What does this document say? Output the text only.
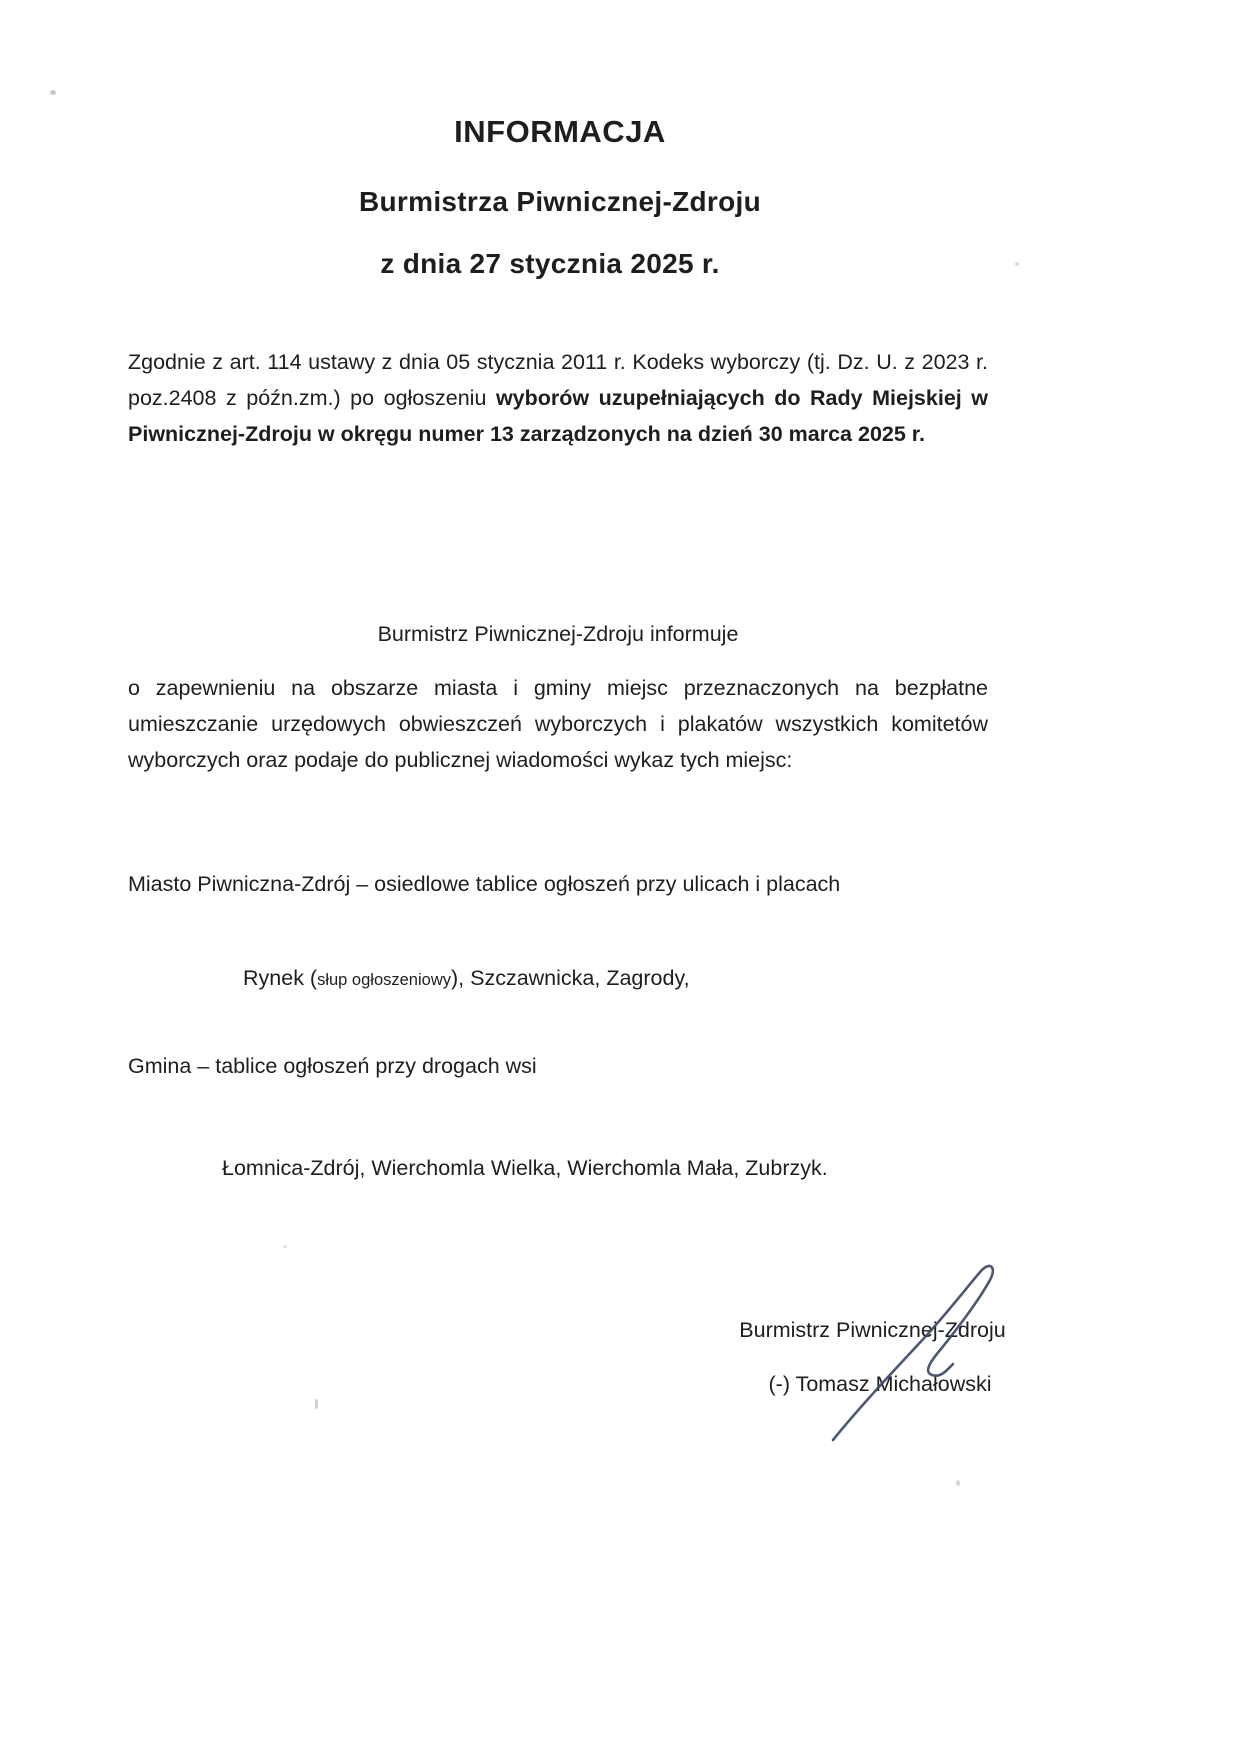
INFORMACJA
Burmistrza Piwnicznej-Zdroju
z dnia 27 stycznia 2025 r.

Zgodnie z art. 114 ustawy z dnia 05 stycznia 2011 r. Kodeks wyborczy (tj. Dz. U. z 2023 r. poz.2408 z późn.zm.) po ogłoszeniu wyborów uzupełniających do Rady Miejskiej w Piwnicznej-Zdroju w okręgu numer 13 zarządzonych na dzień 30 marca 2025 r.

Burmistrz Piwnicznej-Zdroju informuje

o zapewnieniu na obszarze miasta i gminy miejsc przeznaczonych na bezpłatne umieszczanie urzędowych obwieszczeń wyborczych i plakatów wszystkich komitetów wyborczych oraz podaje do publicznej wiadomości wykaz tych miejsc:

Miasto Piwniczna-Zdrój – osiedlowe tablice ogłoszeń przy ulicach i placach
Rynek (słup ogłoszeniowy), Szczawnicka, Zagrody,
Gmina – tablice ogłoszeń przy drogach wsi
Łomnica-Zdrój, Wierchomla Wielka, Wierchomla Mała, Zubrzyk.
Burmistrz Piwnicznej-Zdroju
(-) Tomasz Michałowski
